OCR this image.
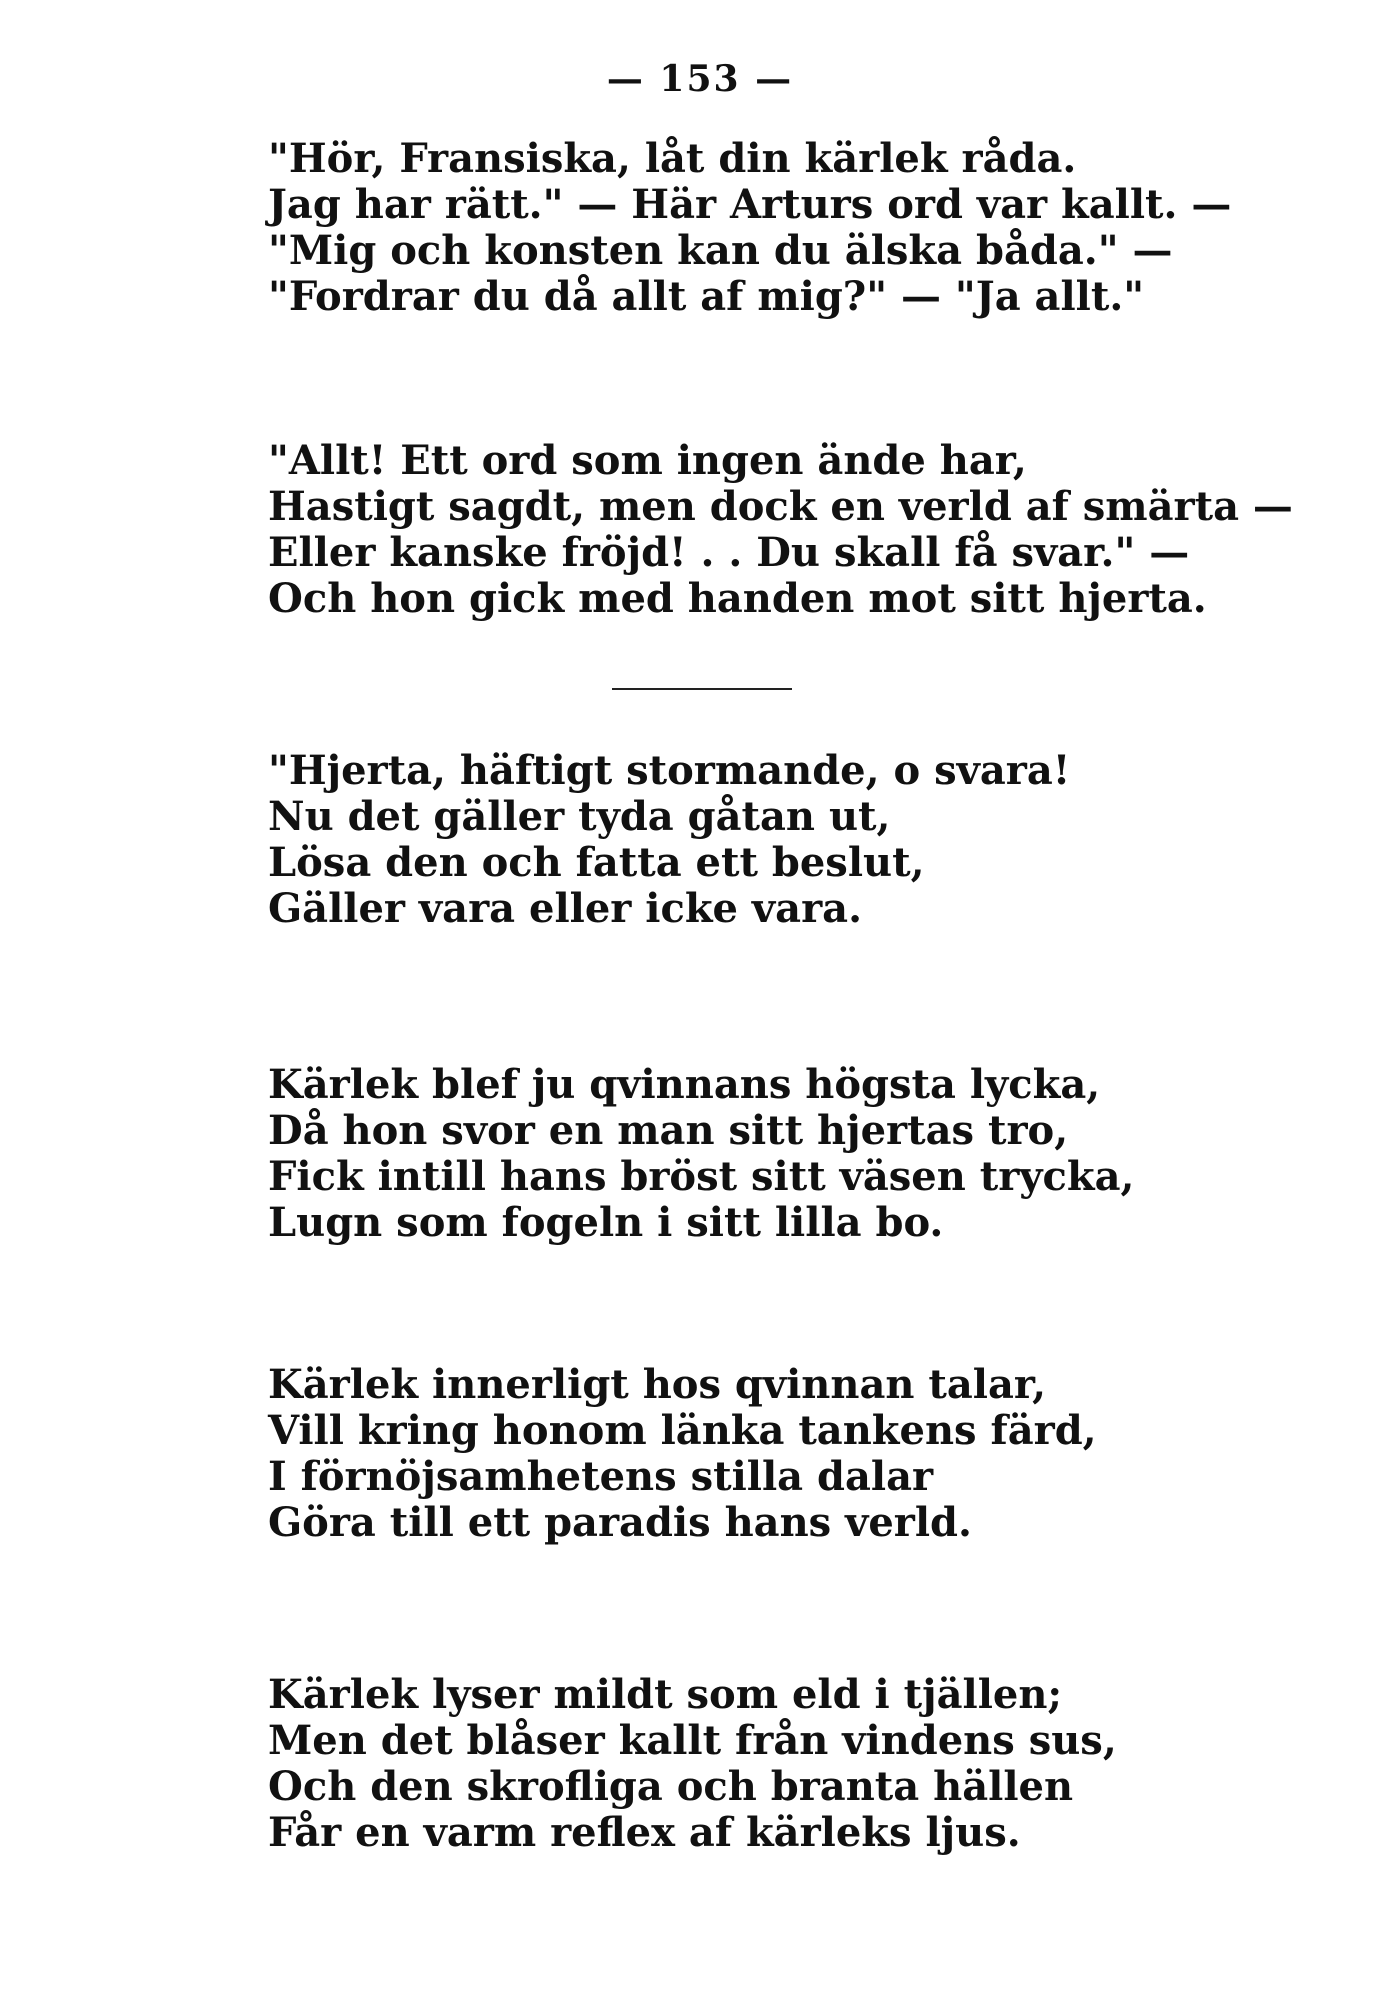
— 153 —
"Hör, Fransiska, låt din kärlek råda.
Jag har rätt." — Här Arturs ord var kallt. —
"Mig och konsten kan du älska båda." —
"Fordrar du då allt af mig?" — "Ja allt."
"Allt! Ett ord som ingen ände har,
Hastigt sagdt, men dock en verld af smärta —
Eller kanske fröjd! . . Du skall få svar." —
Och hon gick med handen mot sitt hjerta.
"Hjerta, häftigt stormande, o svara!
Nu det gäller tyda gåtan ut,
Lösa den och fatta ett beslut,
Gäller vara eller icke vara.
Kärlek blef ju qvinnans högsta lycka,
Då hon svor en man sitt hjertas tro,
Fick intill hans bröst sitt väsen trycka,
Lugn som fogeln i sitt lilla bo.
Kärlek innerligt hos qvinnan talar,
Vill kring honom länka tankens färd,
I förnöjsamhetens stilla dalar
Göra till ett paradis hans verld.
Kärlek lyser mildt som eld i tjällen;
Men det blåser kallt från vindens sus,
Och den skrofliga och branta hällen
Får en varm reflex af kärleks ljus.
